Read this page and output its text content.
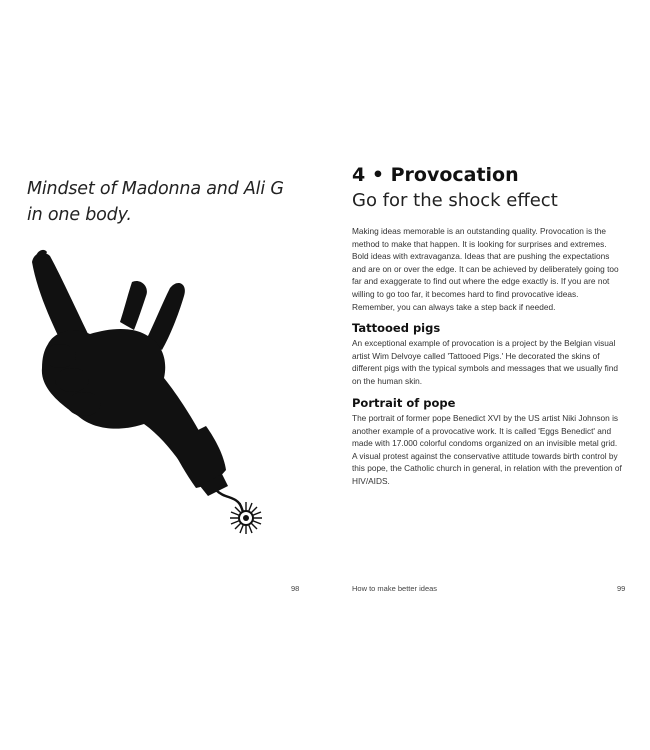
Mindset of Madonna and Ali G in one body.
98
4 • Provocation
Go for the shock effect

Making ideas memorable is an outstanding quality. Provocation is the method to make that happen. It is looking for surprises and extremes. Bold ideas with extravaganza. Ideas that are pushing the expectations and are on or over the edge. It can be achieved by deliberately going too far and exaggerate to find out where the edge exactly is. If you are not willing to go too far, it becomes hard to find provocative ideas. Remember, you can always take a step back if needed.

Tattooed pigs

An exceptional example of provocation is a project by the Belgian visual artist Wim Delvoye called 'Tattooed Pigs.' He decorated the skins of different pigs with the typical symbols and messages that we usually find on the human skin.

Portrait of pope

The portrait of former pope Benedict XVI by the US artist Niki Johnson is another example of a provocative work. It is called 'Eggs Benedict' and made with 17.000 colorful condoms organized on an invisible metal grid. A visual protest against the conservative attitude towards birth control by this pope, the Catholic church in general, in relation with the prevention of HIV/AIDS.

How to make better ideas	99
